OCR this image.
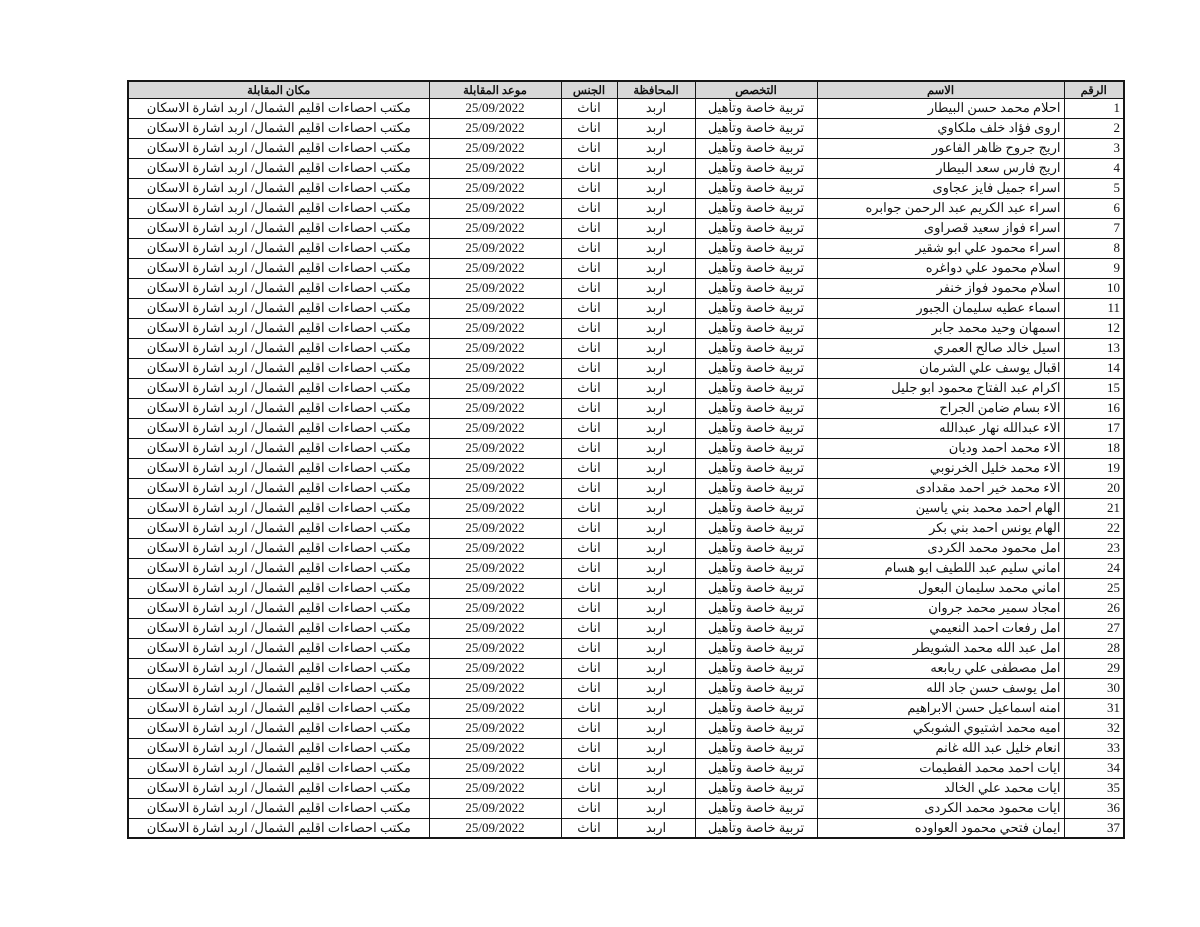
الرقم	الاسم	التخصص	المحافظة	الجنس	موعد المقابلة	مكان المقابلة
1	احلام محمد حسن البيطار	تربية خاصة وتأهيل	اربد	اناث	25/09/2022	مكتب احصاءات اقليم الشمال/ اربد اشارة الاسكان
2	اروى فؤاد خلف ملكاوي	تربية خاصة وتأهيل	اربد	اناث	25/09/2022	مكتب احصاءات اقليم الشمال/ اربد اشارة الاسكان
3	اريج جروح ظاهر الفاعور	تربية خاصة وتأهيل	اربد	اناث	25/09/2022	مكتب احصاءات اقليم الشمال/ اربد اشارة الاسكان
4	اريج فارس سعد البيطار	تربية خاصة وتأهيل	اربد	اناث	25/09/2022	مكتب احصاءات اقليم الشمال/ اربد اشارة الاسكان
5	اسراء جميل فايز عجاوى	تربية خاصة وتأهيل	اربد	اناث	25/09/2022	مكتب احصاءات اقليم الشمال/ اربد اشارة الاسكان
6	اسراء عبد الكريم عبد الرحمن جوابره	تربية خاصة وتأهيل	اربد	اناث	25/09/2022	مكتب احصاءات اقليم الشمال/ اربد اشارة الاسكان
7	اسراء فواز سعيد قصراوى	تربية خاصة وتأهيل	اربد	اناث	25/09/2022	مكتب احصاءات اقليم الشمال/ اربد اشارة الاسكان
8	اسراء محمود علي ابو شقير	تربية خاصة وتأهيل	اربد	اناث	25/09/2022	مكتب احصاءات اقليم الشمال/ اربد اشارة الاسكان
9	اسلام محمود علي دواغره	تربية خاصة وتأهيل	اربد	اناث	25/09/2022	مكتب احصاءات اقليم الشمال/ اربد اشارة الاسكان
10	اسلام محمود فواز خنفر	تربية خاصة وتأهيل	اربد	اناث	25/09/2022	مكتب احصاءات اقليم الشمال/ اربد اشارة الاسكان
11	اسماء عطيه سليمان الجبور	تربية خاصة وتأهيل	اربد	اناث	25/09/2022	مكتب احصاءات اقليم الشمال/ اربد اشارة الاسكان
12	اسمهان وحيد محمد جابر	تربية خاصة وتأهيل	اربد	اناث	25/09/2022	مكتب احصاءات اقليم الشمال/ اربد اشارة الاسكان
13	اسيل خالد صالح العمري	تربية خاصة وتأهيل	اربد	اناث	25/09/2022	مكتب احصاءات اقليم الشمال/ اربد اشارة الاسكان
14	اقبال يوسف علي الشرمان	تربية خاصة وتأهيل	اربد	اناث	25/09/2022	مكتب احصاءات اقليم الشمال/ اربد اشارة الاسكان
15	اكرام عبد الفتاح محمود ابو جليل	تربية خاصة وتأهيل	اربد	اناث	25/09/2022	مكتب احصاءات اقليم الشمال/ اربد اشارة الاسكان
16	الاء بسام ضامن الجراح	تربية خاصة وتأهيل	اربد	اناث	25/09/2022	مكتب احصاءات اقليم الشمال/ اربد اشارة الاسكان
17	الاء عبدالله نهار عبدالله	تربية خاصة وتأهيل	اربد	اناث	25/09/2022	مكتب احصاءات اقليم الشمال/ اربد اشارة الاسكان
18	الاء محمد احمد وديان	تربية خاصة وتأهيل	اربد	اناث	25/09/2022	مكتب احصاءات اقليم الشمال/ اربد اشارة الاسكان
19	الاء محمد خليل الخرنوبي	تربية خاصة وتأهيل	اربد	اناث	25/09/2022	مكتب احصاءات اقليم الشمال/ اربد اشارة الاسكان
20	الاء محمد خير احمد مقدادى	تربية خاصة وتأهيل	اربد	اناث	25/09/2022	مكتب احصاءات اقليم الشمال/ اربد اشارة الاسكان
21	الهام احمد محمد بني ياسين	تربية خاصة وتأهيل	اربد	اناث	25/09/2022	مكتب احصاءات اقليم الشمال/ اربد اشارة الاسكان
22	الهام يونس احمد بني بكر	تربية خاصة وتأهيل	اربد	اناث	25/09/2022	مكتب احصاءات اقليم الشمال/ اربد اشارة الاسكان
23	امل محمود محمد الكردى	تربية خاصة وتأهيل	اربد	اناث	25/09/2022	مكتب احصاءات اقليم الشمال/ اربد اشارة الاسكان
24	اماني سليم عبد اللطيف ابو هسام	تربية خاصة وتأهيل	اربد	اناث	25/09/2022	مكتب احصاءات اقليم الشمال/ اربد اشارة الاسكان
25	اماني محمد سليمان البعول	تربية خاصة وتأهيل	اربد	اناث	25/09/2022	مكتب احصاءات اقليم الشمال/ اربد اشارة الاسكان
26	امجاد سمير محمد جروان	تربية خاصة وتأهيل	اربد	اناث	25/09/2022	مكتب احصاءات اقليم الشمال/ اربد اشارة الاسكان
27	امل رفعات احمد النعيمي	تربية خاصة وتأهيل	اربد	اناث	25/09/2022	مكتب احصاءات اقليم الشمال/ اربد اشارة الاسكان
28	امل عبد الله محمد الشويطر	تربية خاصة وتأهيل	اربد	اناث	25/09/2022	مكتب احصاءات اقليم الشمال/ اربد اشارة الاسكان
29	امل مصطفى علي ربابعه	تربية خاصة وتأهيل	اربد	اناث	25/09/2022	مكتب احصاءات اقليم الشمال/ اربد اشارة الاسكان
30	امل يوسف حسن جاد الله	تربية خاصة وتأهيل	اربد	اناث	25/09/2022	مكتب احصاءات اقليم الشمال/ اربد اشارة الاسكان
31	امنه اسماعيل حسن الابراهيم	تربية خاصة وتأهيل	اربد	اناث	25/09/2022	مكتب احصاءات اقليم الشمال/ اربد اشارة الاسكان
32	اميه محمد اشتيوي الشوبكي	تربية خاصة وتأهيل	اربد	اناث	25/09/2022	مكتب احصاءات اقليم الشمال/ اربد اشارة الاسكان
33	انعام خليل عبد الله غانم	تربية خاصة وتأهيل	اربد	اناث	25/09/2022	مكتب احصاءات اقليم الشمال/ اربد اشارة الاسكان
34	ايات احمد محمد الفطيمات	تربية خاصة وتأهيل	اربد	اناث	25/09/2022	مكتب احصاءات اقليم الشمال/ اربد اشارة الاسكان
35	ايات محمد علي الخالد	تربية خاصة وتأهيل	اربد	اناث	25/09/2022	مكتب احصاءات اقليم الشمال/ اربد اشارة الاسكان
36	ايات محمود محمد الكردى	تربية خاصة وتأهيل	اربد	اناث	25/09/2022	مكتب احصاءات اقليم الشمال/ اربد اشارة الاسكان
37	ايمان فتحي محمود العواوده	تربية خاصة وتأهيل	اربد	اناث	25/09/2022	مكتب احصاءات اقليم الشمال/ اربد اشارة الاسكان
